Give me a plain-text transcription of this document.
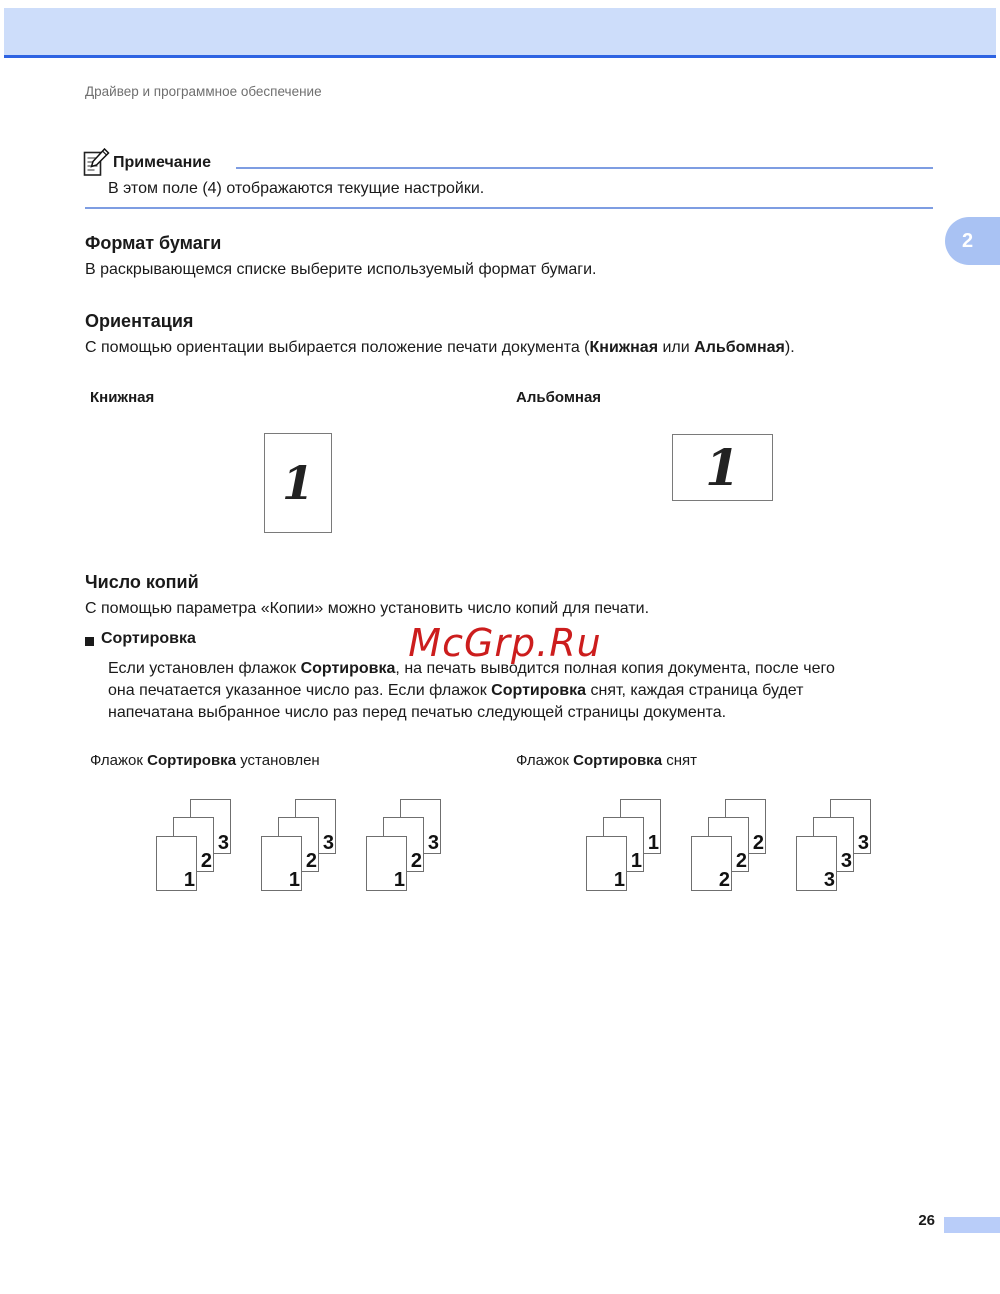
Драйвер и программное обеспечение
Примечание
В этом поле (4) отображаются текущие настройки.
2
Формат бумаги

В раскрывающемся списке выберите используемый формат бумаги.

Ориентация

С помощью ориентации выбирается положение печати документа (Книжная или Альбомная).

Книжная	Альбомная
1	1
Число копий

С помощью параметра «Копии» можно установить число копий для печати.

Сортировка	McGrp.Ru

Если установлен флажок Сортировка, на печать выводится полная копия документа, после чего
она печатается указанное число раз. Если флажок Сортировка снят, каждая страница будет
напечатана выбранное число раз перед печатью следующей страницы документа.

Флажок Сортировка установлен	Флажок Сортировка снят
3
2
1
3
2
1
3
2
1
1
1
1
2
2
2
3
3
3
26
